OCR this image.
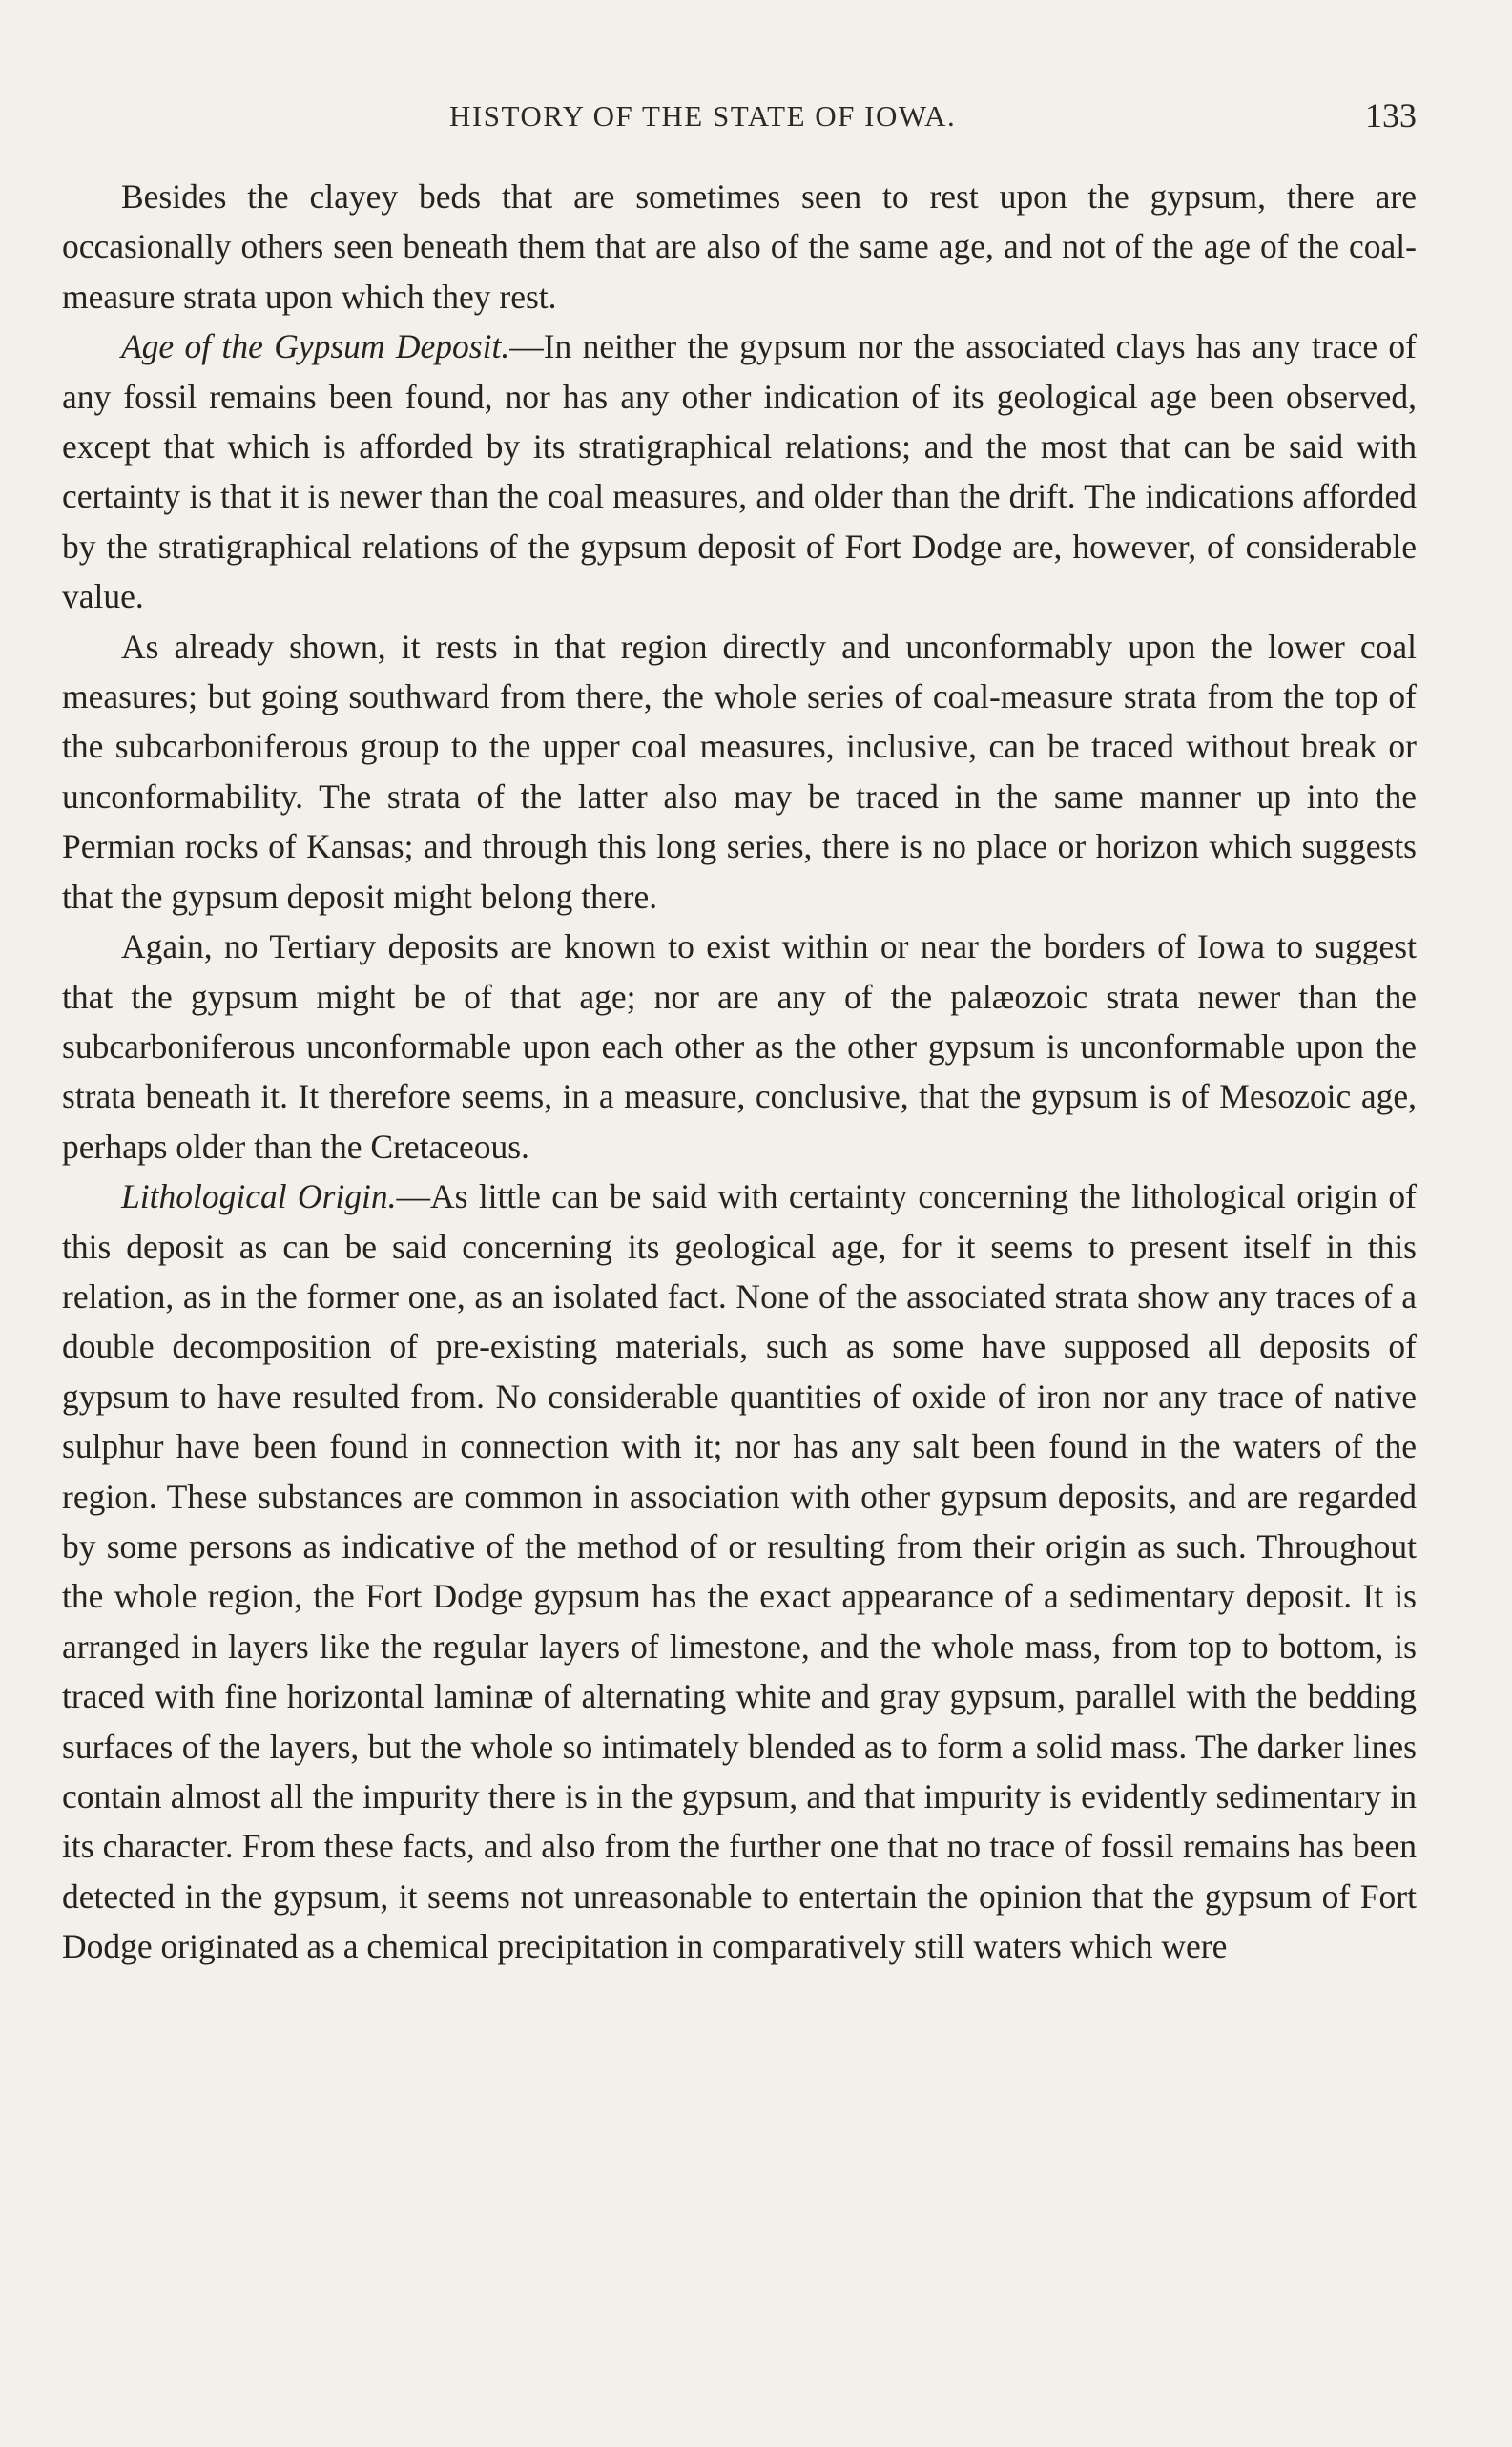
HISTORY OF THE STATE OF IOWA.	133

Besides the clayey beds that are sometimes seen to rest upon the gypsum, there are occasionally others seen beneath them that are also of the same age, and not of the age of the coal-measure strata upon which they rest.

Age of the Gypsum Deposit.—In neither the gypsum nor the associated clays has any trace of any fossil remains been found, nor has any other indication of its geological age been observed, except that which is afforded by its stratigraphical relations; and the most that can be said with certainty is that it is newer than the coal measures, and older than the drift. The indications afforded by the stratigraphical relations of the gypsum deposit of Fort Dodge are, however, of considerable value.

As already shown, it rests in that region directly and unconformably upon the lower coal measures; but going southward from there, the whole series of coal-measure strata from the top of the subcarboniferous group to the upper coal measures, inclusive, can be traced without break or unconformability. The strata of the latter also may be traced in the same manner up into the Permian rocks of Kansas; and through this long series, there is no place or horizon which suggests that the gypsum deposit might belong there.

Again, no Tertiary deposits are known to exist within or near the borders of Iowa to suggest that the gypsum might be of that age; nor are any of the palæozoic strata newer than the subcarboniferous unconformable upon each other as the other gypsum is unconformable upon the strata beneath it. It therefore seems, in a measure, conclusive, that the gypsum is of Mesozoic age, perhaps older than the Cretaceous.

Lithological Origin.—As little can be said with certainty concerning the lithological origin of this deposit as can be said concerning its geological age, for it seems to present itself in this relation, as in the former one, as an isolated fact. None of the associated strata show any traces of a double decomposition of pre-existing materials, such as some have supposed all deposits of gypsum to have resulted from. No considerable quantities of oxide of iron nor any trace of native sulphur have been found in connection with it; nor has any salt been found in the waters of the region. These substances are common in association with other gypsum deposits, and are regarded by some persons as indicative of the method of or resulting from their origin as such. Throughout the whole region, the Fort Dodge gypsum has the exact appearance of a sedimentary deposit. It is arranged in layers like the regular layers of limestone, and the whole mass, from top to bottom, is traced with fine horizontal laminæ of alternating white and gray gypsum, parallel with the bedding surfaces of the layers, but the whole so intimately blended as to form a solid mass. The darker lines contain almost all the impurity there is in the gypsum, and that impurity is evidently sedimentary in its character. From these facts, and also from the further one that no trace of fossil remains has been detected in the gypsum, it seems not unreasonable to entertain the opinion that the gypsum of Fort Dodge originated as a chemical precipitation in comparatively still waters which were
